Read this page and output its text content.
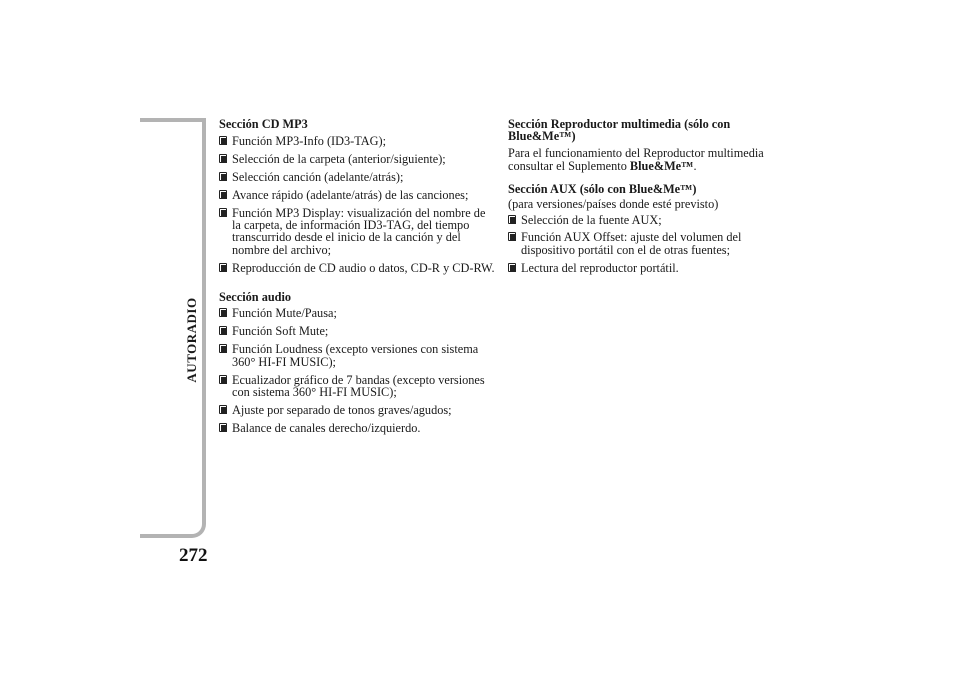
AUTORADIO
272
Sección CD MP3
Función MP3-Info (ID3-TAG);
Selección de la carpeta (anterior/siguiente);
Selección canción (adelante/atrás);
Avance rápido (adelante/atrás) de las canciones;
Función MP3 Display: visualización del nombre de la carpeta, de información ID3-TAG, del tiempo transcurrido desde el inicio de la canción y del nombre del archivo;
Reproducción de CD audio o datos, CD-R y CD-RW.
Sección audio
Función Mute/Pausa;
Función Soft Mute;
Función Loudness (excepto versiones con sistema 360° HI-FI MUSIC);
Ecualizador gráfico de 7 bandas (excepto versiones con sistema 360° HI-FI MUSIC);
Ajuste por separado de tonos graves/agudos;
Balance de canales derecho/izquierdo.
Sección Reproductor multimedia (sólo con Blue&Me™)
Para el funcionamiento del Reproductor multimedia consultar el Suplemento Blue&Me™.
Sección AUX (sólo con Blue&Me™)
(para versiones/países donde esté previsto)
Selección de la fuente AUX;
Función AUX Offset: ajuste del volumen del dispositivo portátil con el de otras fuentes;
Lectura del reproductor portátil.
